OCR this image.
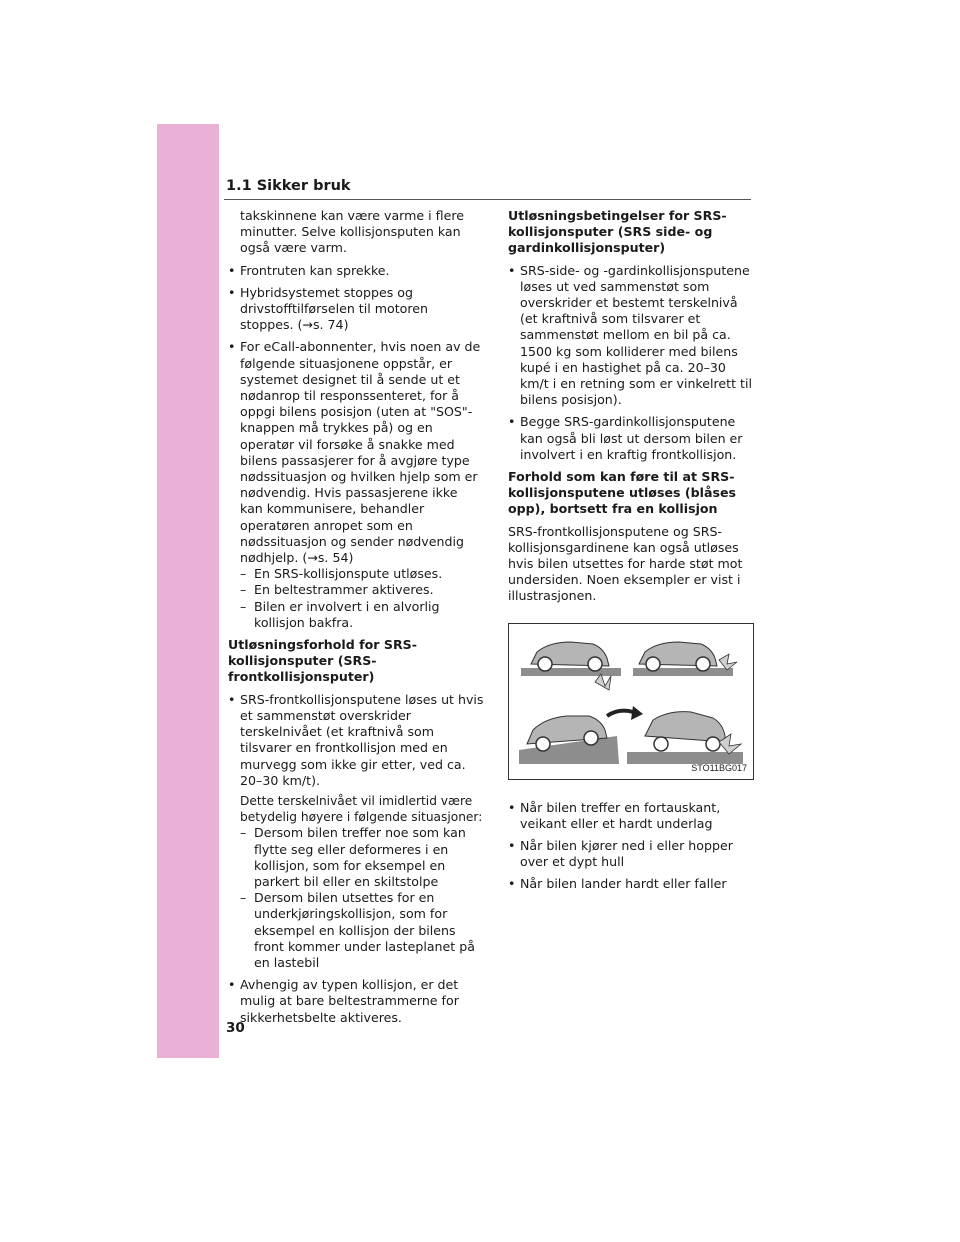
1.1 Sikker bruk

takskinnene kan være varme i flere minutter. Selve kollisjonsputen kan også være varm.

• Frontruten kan sprekke.
• Hybridsystemet stoppes og drivstofftilførselen til motoren stoppes. (→s. 74)
• For eCall-abonnenter, hvis noen av de følgende situasjonene oppstår, er systemet designet til å sende ut et nødanrop til responssenteret, for å oppgi bilens posisjon (uten at "SOS"-knappen må trykkes på) og en operatør vil forsøke å snakke med bilens passasjerer for å avgjøre type nødssituasjon og hvilken hjelp som er nødvendig. Hvis passasjerene ikke kan kommunisere, behandler operatøren anropet som en nødssituasjon og sender nødvendig nødhjelp. (→s. 54)
– En SRS-kollisjonspute utløses.
– En beltestrammer aktiveres.
– Bilen er involvert i en alvorlig kollisjon bakfra.
Utløsningsforhold for SRS-kollisjonsputer (SRS-frontkollisjonsputer)
• SRS-frontkollisjonsputene løses ut hvis et sammenstøt overskrider terskelnivået (et kraftnivå som tilsvarer en frontkollisjon med en murvegg som ikke gir etter, ved ca. 20–30 km/t).

Dette terskelnivået vil imidlertid være betydelig høyere i følgende situasjoner:

– Dersom bilen treffer noe som kan flytte seg eller deformeres i en kollisjon, som for eksempel en parkert bil eller en skiltstolpe
– Dersom bilen utsettes for en underkjøringskollisjon, som for eksempel en kollisjon der bilens front kommer under lasteplanet på en lastebil
• Avhengig av typen kollisjon, er det mulig at bare beltestrammerne for sikkerhetsbelte aktiveres.
Utløsningsbetingelser for SRS-kollisjonsputer (SRS side- og gardinkollisjonsputer)
• SRS-side- og -gardinkollisjonsputene løses ut ved sammenstøt som overskrider et bestemt terskelnivå (et kraftnivå som tilsvarer et sammenstøt mellom en bil på ca. 1500 kg som kolliderer med bilens kupé i en hastighet på ca. 20–30 km/t i en retning som er vinkelrett til bilens posisjon).
• Begge SRS-gardinkollisjonsputene kan også bli løst ut dersom bilen er involvert i en kraftig frontkollisjon.
Forhold som kan føre til at SRS-kollisjonsputene utløses (blåses opp), bortsett fra en kollisjon

SRS-frontkollisjonsputene og SRS-kollisjonsgardinene kan også utløses hvis bilen utsettes for harde støt mot undersiden. Noen eksempler er vist i illustrasjonen.

STO11BG017
• Når bilen treffer en fortauskant, veikant eller et hardt underlag
• Når bilen kjører ned i eller hopper over et dypt hull
• Når bilen lander hardt eller faller
30
